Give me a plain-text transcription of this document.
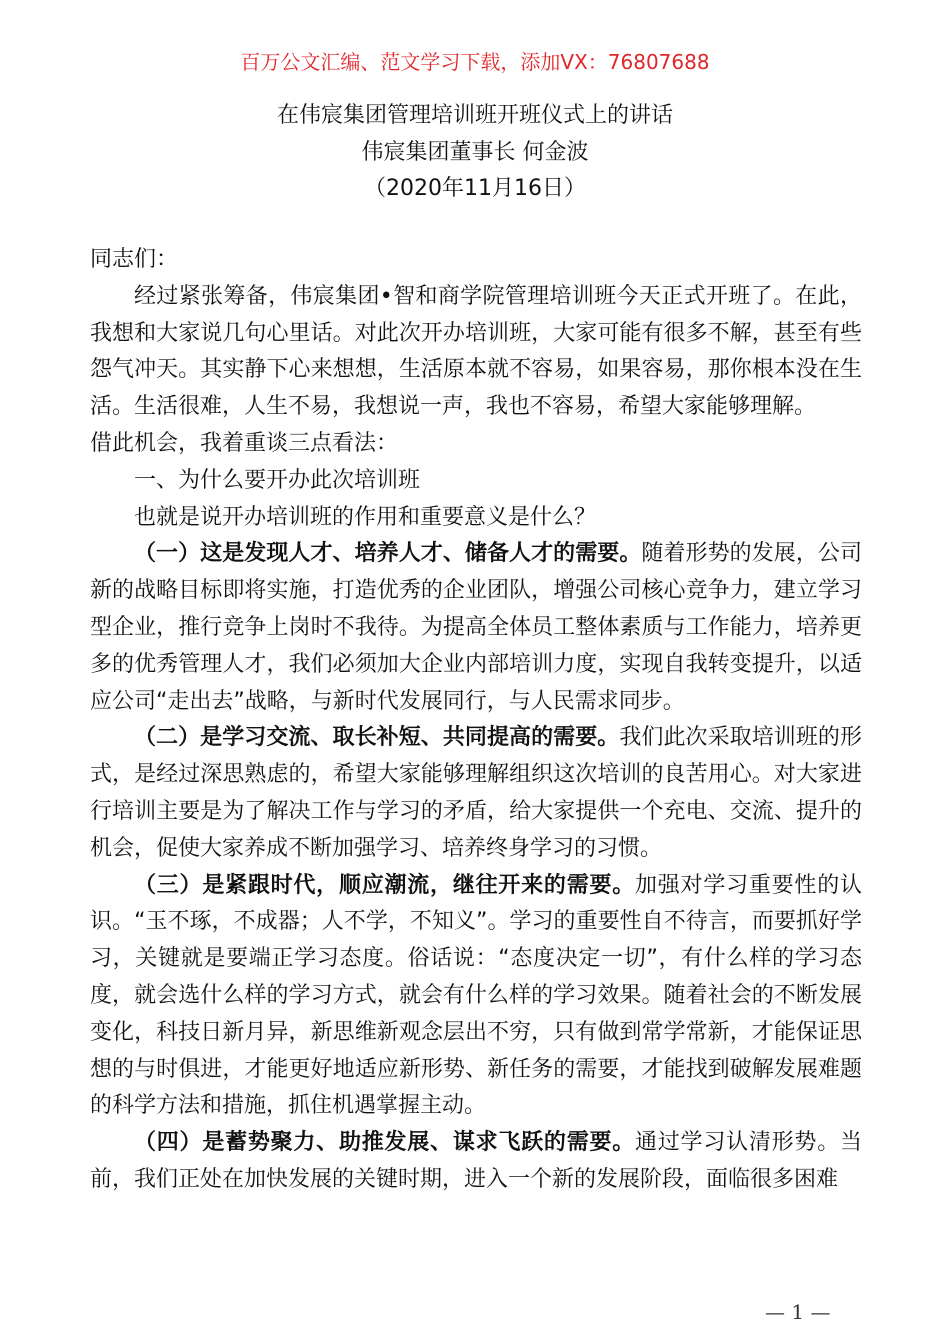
百万公文汇编、范文学习下载，添加VX：76807688
在伟宸集团管理培训班开班仪式上的讲话
伟宸集团董事长 何金波
（2020年11月16日）

同志们：

经过紧张筹备，伟宸集团•智和商学院管理培训班今天正式开班了。在此，我想和大家说几句心里话。对此次开办培训班，大家可能有很多不解，甚至有些怨气冲天。其实静下心来想想，生活原本就不容易，如果容易，那你根本没在生活。生活很难，人生不易，我想说一声，我也不容易，希望大家能够理解。

借此机会，我着重谈三点看法：

一、为什么要开办此次培训班

也就是说开办培训班的作用和重要意义是什么？

（一）这是发现人才、培养人才、储备人才的需要。随着形势的发展，公司新的战略目标即将实施，打造优秀的企业团队，增强公司核心竞争力，建立学习型企业，推行竞争上岗时不我待。为提高全体员工整体素质与工作能力，培养更多的优秀管理人才，我们必须加大企业内部培训力度，实现自我转变提升，以适应公司“走出去”战略，与新时代发展同行，与人民需求同步。

（二）是学习交流、取长补短、共同提高的需要。我们此次采取培训班的形式，是经过深思熟虑的，希望大家能够理解组织这次培训的良苦用心。对大家进行培训主要是为了解决工作与学习的矛盾，给大家提供一个充电、交流、提升的机会，促使大家养成不断加强学习、培养终身学习的习惯。

（三）是紧跟时代，顺应潮流，继往开来的需要。加强对学习重要性的认识。“玉不琢，不成器；人不学，不知义”。学习的重要性自不待言，而要抓好学习，关键就是要端正学习态度。俗话说：“态度决定一切”，有什么样的学习态度，就会选什么样的学习方式，就会有什么样的学习效果。随着社会的不断发展变化，科技日新月异，新思维新观念层出不穷，只有做到常学常新，才能保证思想的与时俱进，才能更好地适应新形势、新任务的需要，才能找到破解发展难题的科学方法和措施，抓住机遇掌握主动。

（四）是蓄势聚力、助推发展、谋求飞跃的需要。通过学习认清形势。当前，我们正处在加快发展的关键时期，进入一个新的发展阶段，面临很多困难

— 1 —
